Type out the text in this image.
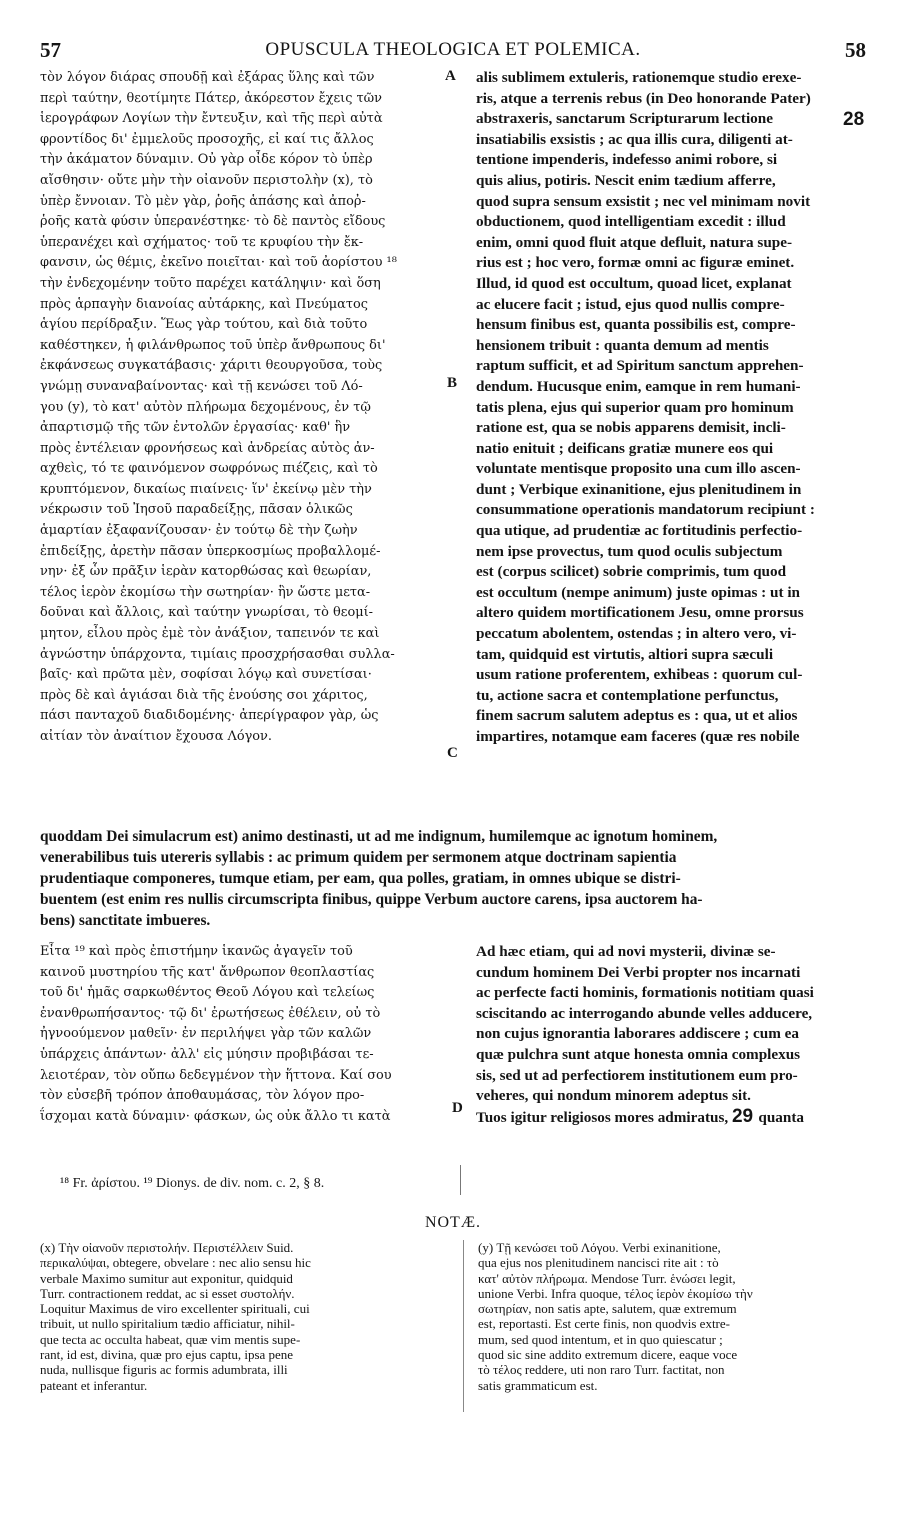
57	OPUSCULA THEOLOGICA ET POLEMICA.	58
τὸν λόγον διάρας σπουδῇ καὶ ἐξάρας ὕλης καὶ τῶν
περὶ ταύτην, θεοτίμητε Πάτερ, ἀκόρεστον ἔχεις τῶν
ἱερογράφων Λογίων τὴν ἔντευξιν, καὶ τῆς περὶ αὐτὰ
φροντίδος δι' ἐμμελοῦς προσοχῆς, εἰ καί τις ἄλλος
τὴν ἀκάματον δύναμιν. Οὐ γὰρ οἶδε κόρον τὸ ὑπὲρ
αἴσθησιν· οὔτε μὴν τὴν οἰανοῦν περιστολὴν (x), τὸ
ὑπὲρ ἔννοιαν. Τὸ μὲν γὰρ, ῥοῆς ἁπάσης καὶ ἀποῤ-
ῥοῆς κατὰ φύσιν ὑπερανέστηκε· τὸ δὲ παντὸς εἴδους
ὑπερανέχει καὶ σχήματος· τοῦ τε κρυφίου τὴν ἔκ-
φανσιν, ὡς θέμις, ἐκεῖνο ποιεῖται· καὶ τοῦ ἀορίστου ¹⁸
τὴν ἐνδεχομένην τοῦτο παρέχει κατάληψιν· καὶ ὅση
πρὸς ἁρπαγὴν διανοίας αὐτάρκης, καὶ Πνεύματος
ἁγίου περίδραξιν. Ἕως γὰρ τούτου, καὶ διὰ τοῦτο
καθέστηκεν, ἡ φιλάνθρωπος τοῦ ὑπὲρ ἄνθρωπους δι'
ἐκφάνσεως συγκατάβασις· χάριτι θεουργοῦσα, τοὺς
γνώμῃ συναναβαίνοντας· καὶ τῇ κενώσει τοῦ Λό-
γου (y), τὸ κατ' αὐτὸν πλήρωμα δεχομένους, ἐν τῷ
ἀπαρτισμῷ τῆς τῶν ἐντολῶν ἐργασίας· καθ' ἣν
πρὸς ἐντέλειαν φρονήσεως καὶ ἀνδρείας αὐτὸς ἀν-
αχθεὶς, τό τε φαινόμενον σωφρόνως πιέζεις, καὶ τὸ
κρυπτόμενον, δικαίως πιαίνεις· ἵν' ἐκείνῳ μὲν τὴν
νέκρωσιν τοῦ Ἰησοῦ παραδείξῃς, πᾶσαν ὁλικῶς
ἁμαρτίαν ἐξαφανίζουσαν· ἐν τούτῳ δὲ τὴν ζωὴν
ἐπιδείξῃς, ἀρετὴν πᾶσαν ὑπερκοσμίως προβαλλομέ-
νην· ἐξ ὧν πρᾶξιν ἱερὰν κατορθώσας καὶ θεωρίαν,
τέλος ἱερὸν ἐκομίσω τὴν σωτηρίαν· ἣν ὥστε μετα-
δοῦναι καὶ ἄλλοις, καὶ ταύτην γνωρίσαι, τὸ θεομί-
μητον, εἶλου πρὸς ἐμὲ τὸν ἀνάξιον, ταπεινόν τε καὶ
ἀγνώστην ὑπάρχοντα, τιμίαις προσχρήσασθαι συλλα-
βαῖς· καὶ πρῶτα μὲν, σοφίσαι λόγῳ καὶ συνετίσαι·
πρὸς δὲ καὶ ἁγιάσαι διὰ τῆς ἑνούσης σοι χάριτος,
πάσι πανταχοῦ διαδιδομένης· ἀπερίγραφον γὰρ, ὡς
αἰτίαν τὸν ἀναίτιον ἔχουσα Λόγον.
alis sublimem extuleris, rationemque studio erexe-
ris, atque a terrenis rebus (in Deo honorande Pater)
abstraxeris, sanctarum Scripturarum lectione
insatiabilis exsistis ; ac qua illis cura, diligenti at-
tentione impenderis, indefesso animi robore, si
quis alius, potiris. Nescit enim tædium afferre,
quod supra sensum exsistit ; nec vel minimam novit
obductionem, quod intelligentiam excedit : illud
enim, omni quod fluit atque defluit, natura supe-
rius est ; hoc vero, formæ omni ac figuræ eminet.
Illud, id quod est occultum, quoad licet, explanat
ac elucere facit ; istud, ejus quod nullis compre-
hensum finibus est, quanta possibilis est, compre-
hensionem tribuit : quanta demum ad mentis
raptum sufficit, et ad Spiritum sanctum apprehen-
dendum. Hucusque enim, eamque in rem humani-
tatis plena, ejus qui superior quam pro hominum
ratione est, qua se nobis apparens demisit, incli-
natio enituit ; deificans gratiæ munere eos qui
voluntate mentisque proposito una cum illo ascen-
dunt ; Verbique exinanitione, ejus plenitudinem in
consummatione operationis mandatorum recipiunt :
qua utique, ad prudentiæ ac fortitudinis perfectio-
nem ipse provectus, tum quod oculis subjectum
est (corpus scilicet) sobrie comprimis, tum quod
est occultum (nempe animum) juste opimas : ut in
altero quidem mortificationem Jesu, omne prorsus
peccatum abolentem, ostendas ; in altero vero, vi-
tam, quidquid est virtutis, altiori supra sæculi
usum ratione proferentem, exhibeas : quorum cul-
tu, actione sacra et contemplatione perfunctus,
finem sacrum salutem adeptus es : qua, ut et alios
impartires, notamque eam faceres (quæ res nobile
A
B
C
D
28
quoddam Dei simulacrum est) animo destinasti, ut ad me indignum, humilemque ac ignotum hominem,
venerabilibus tuis utereris syllabis : ac primum quidem per sermonem atque doctrinam sapientia
prudentiaque componeres, tumque etiam, per eam, qua polles, gratiam, in omnes ubique se distri-
buentem (est enim res nullis circumscripta finibus, quippe Verbum auctore carens, ipsa auctorem ha-
bens) sanctitate imbueres.
Εἶτα ¹⁹ καὶ πρὸς ἐπιστήμην ἱκανῶς ἀγαγεῖν τοῦ
καινοῦ μυστηρίου τῆς κατ' ἄνθρωπον θεοπλαστίας
τοῦ δι' ἡμᾶς σαρκωθέντος Θεοῦ Λόγου καὶ τελείως
ἐνανθρωπήσαντος· τῷ δι' ἐρωτήσεως ἐθέλειν, οὐ τὸ
ἠγνοούμενον μαθεῖν· ἐν περιλήψει γὰρ τῶν καλῶν
ὑπάρχεις ἁπάντων· ἀλλ' εἰς μύησιν προβιβάσαι τε-
λειοτέραν, τὸν οὔπω δεδεγμένον τὴν ἥττονα. Καί σου
τὸν εὐσεβῆ τρόπον ἀποθαυμάσας, τὸν λόγον προ-
ΐσχομαι κατὰ δύναμιν· φάσκων, ὡς οὐκ ἄλλο τι κατὰ
Ad hæc etiam, qui ad novi mysterii, divinæ se-
cundum hominem Dei Verbi propter nos incarnati
ac perfecte facti hominis, formationis notitiam quasi
sciscitando ac interrogando abunde velles adducere,
non cujus ignorantia laborares addiscere ; cum ea
quæ pulchra sunt atque honesta omnia complexus
sis, sed ut ad perfectiorem institutionem eum pro-
veheres, qui nondum minorem adeptus sit.
Tuos igitur religiosos mores admiratus, 29 quanta
¹⁸ Fr. ἀρίστου. ¹⁹ Dionys. de div. nom. c. 2, § 8.
NOTÆ.
(x) Τὴν οἰανοῦν περιστολήν. Περιστέλλειν Suid.
περικαλύψαι, obtegere, obvelare : nec alio sensu hic
verbale Maximo sumitur aut exponitur, quidquid
Turr. contractionem reddat, ac si esset συστολήν.
Loquitur Maximus de viro excellenter spirituali, cui
tribuit, ut nullo spiritalium tædio afficiatur, nihil-
que tecta ac occulta habeat, quæ vim mentis supe-
rant, id est, divina, quæ pro ejus captu, ipsa pene
nuda, nullisque figuris ac formis adumbrata, illi
pateant et inferantur.
(y) Τῇ κενώσει τοῦ Λόγου. Verbi exinanitione,
qua ejus nos plenitudinem nancisci rite ait : τὸ
κατ' αὐτὸν πλήρωμα. Mendose Turr. ἑνώσει legit,
unione Verbi. Infra quoque, τέλος ἱερὸν ἐκομίσω τὴν
σωτηρίαν, non satis apte, salutem, quæ extremum
est, reportasti. Est certe finis, non quodvis extre-
mum, sed quod intentum, et in quo quiescatur ;
quod sic sine addito extremum dicere, eaque voce
τὸ τέλος reddere, uti non raro Turr. factitat, non
satis grammaticum est.
